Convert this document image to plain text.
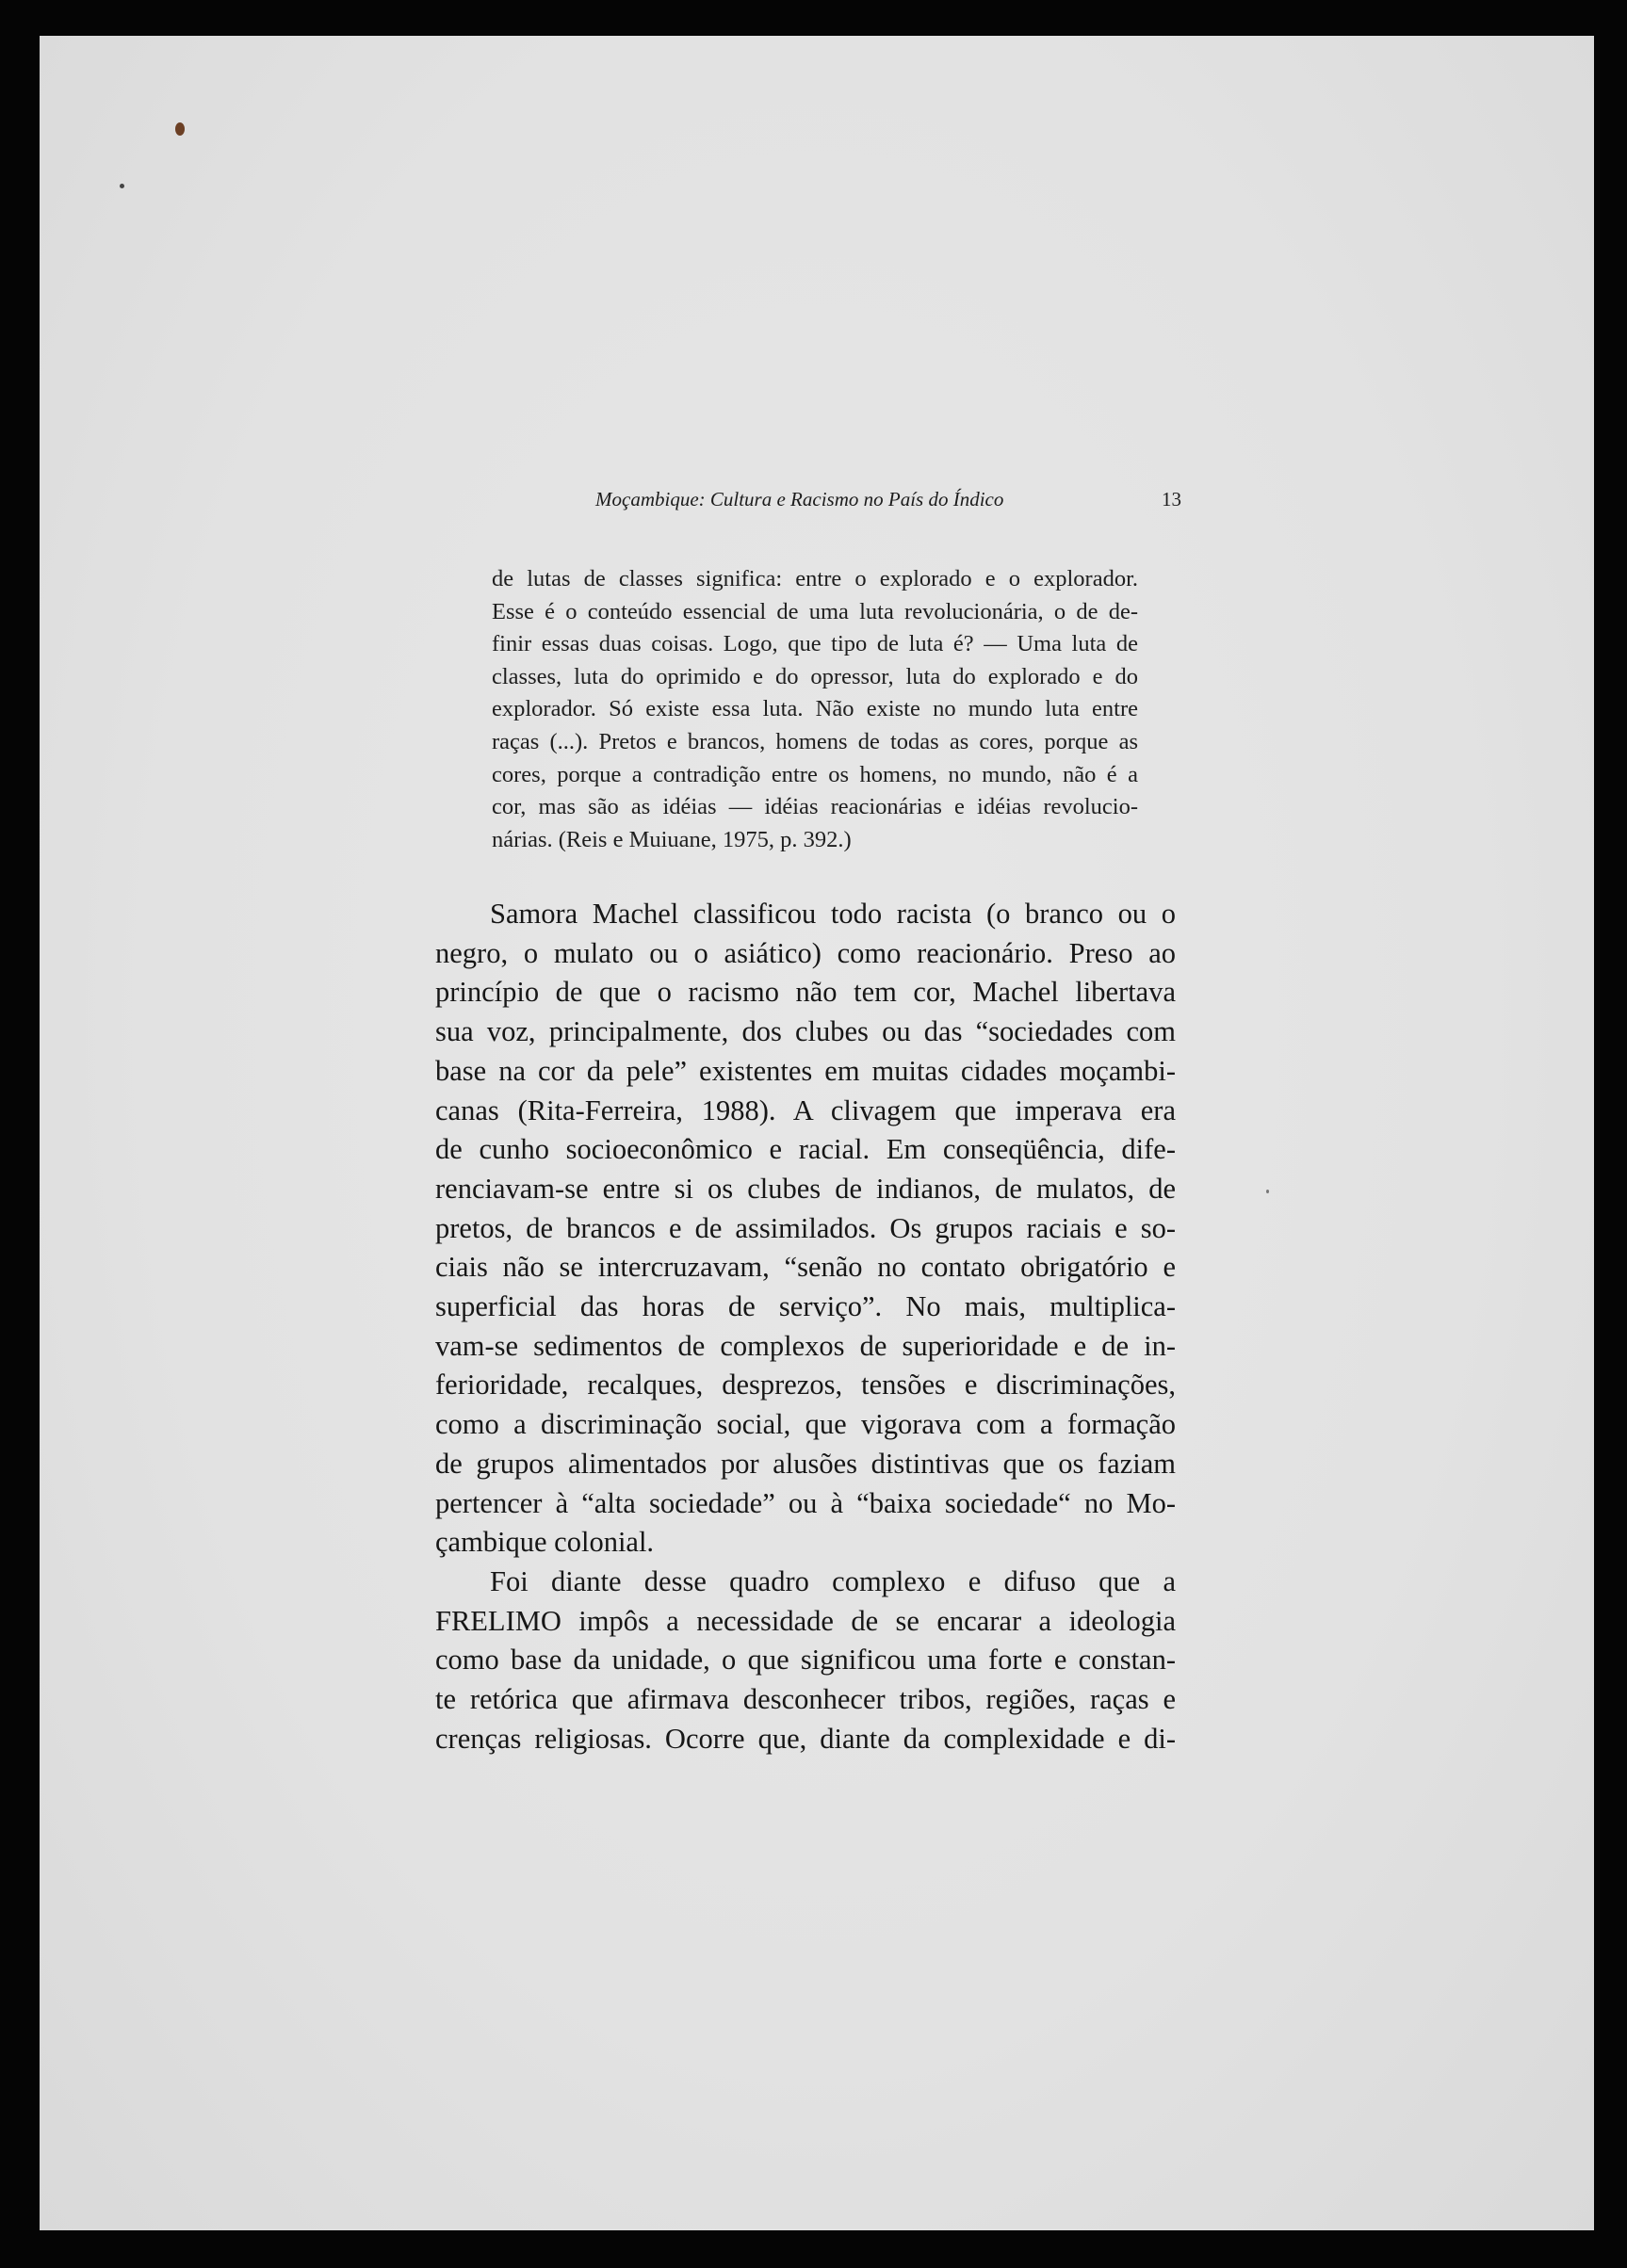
Moçambique: Cultura e Racismo no País do Índico	13
de lutas de classes significa: entre o explorado e o explorador.
Esse é o conteúdo essencial de uma luta revolucionária, o de de-
finir essas duas coisas. Logo, que tipo de luta é? — Uma luta de
classes, luta do oprimido e do opressor, luta do explorado e do
explorador. Só existe essa luta. Não existe no mundo luta entre
raças (...). Pretos e brancos, homens de todas as cores, porque as
cores, porque a contradição entre os homens, no mundo, não é a
cor, mas são as idéias — idéias reacionárias e idéias revolucio-
nárias. (Reis e Muiuane, 1975, p. 392.)
Samora Machel classificou todo racista (o branco ou o
negro, o mulato ou o asiático) como reacionário. Preso ao
princípio de que o racismo não tem cor, Machel libertava
sua voz, principalmente, dos clubes ou das “sociedades com
base na cor da pele” existentes em muitas cidades moçambi-
canas (Rita-Ferreira, 1988). A clivagem que imperava era
de cunho socioeconômico e racial. Em conseqüência, dife-
renciavam-se entre si os clubes de indianos, de mulatos, de
pretos, de brancos e de assimilados. Os grupos raciais e so-
ciais não se intercruzavam, “senão no contato obrigatório e
superficial das horas de serviço”. No mais, multiplica-
vam-se sedimentos de complexos de superioridade e de in-
ferioridade, recalques, desprezos, tensões e discriminações,
como a discriminação social, que vigorava com a formação
de grupos alimentados por alusões distintivas que os faziam
pertencer à “alta sociedade” ou à “baixa sociedade“ no Mo-
çambique colonial.
Foi diante desse quadro complexo e difuso que a
FRELIMO impôs a necessidade de se encarar a ideologia
como base da unidade, o que significou uma forte e constan-
te retórica que afirmava desconhecer tribos, regiões, raças e
crenças religiosas. Ocorre que, diante da complexidade e di-
